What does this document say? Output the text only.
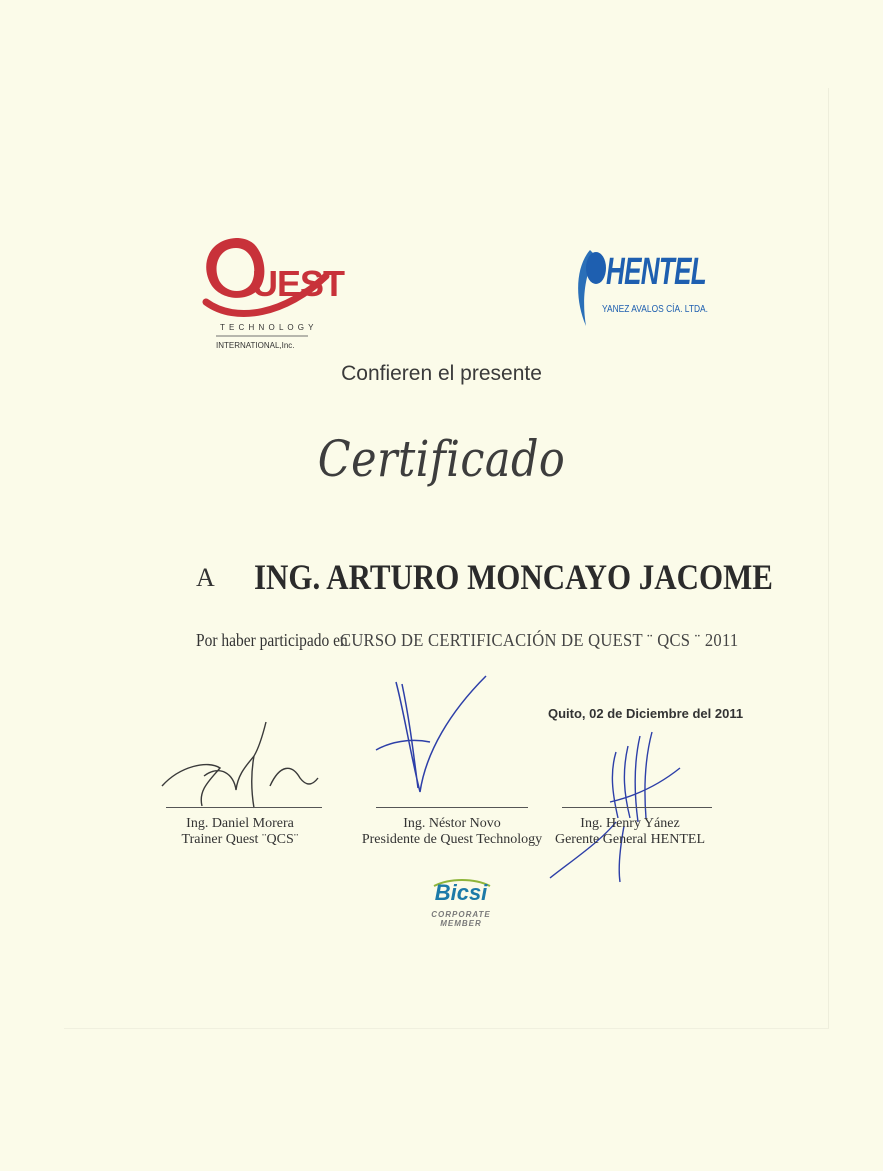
UEST
T E C H N O L O G Y
INTERNATIONAL,Inc.
HENTEL
YANEZ AVALOS CÍA. LTDA.
Confieren el presente
Certificado
A ING. ARTURO MONCAYO JACOME
Por haber participado en
CURSO DE CERTIFICACIÓN DE QUEST ¨ QCS ¨ 2011
Quito, 02 de Diciembre del 2011
Ing. Daniel Morera
Trainer Quest ¨QCS¨
Ing. Néstor Novo
Presidente de Quest Technology
Ing. Henry Yánez
Gerente General HENTEL
Bicsi
CORPORATE
MEMBER
